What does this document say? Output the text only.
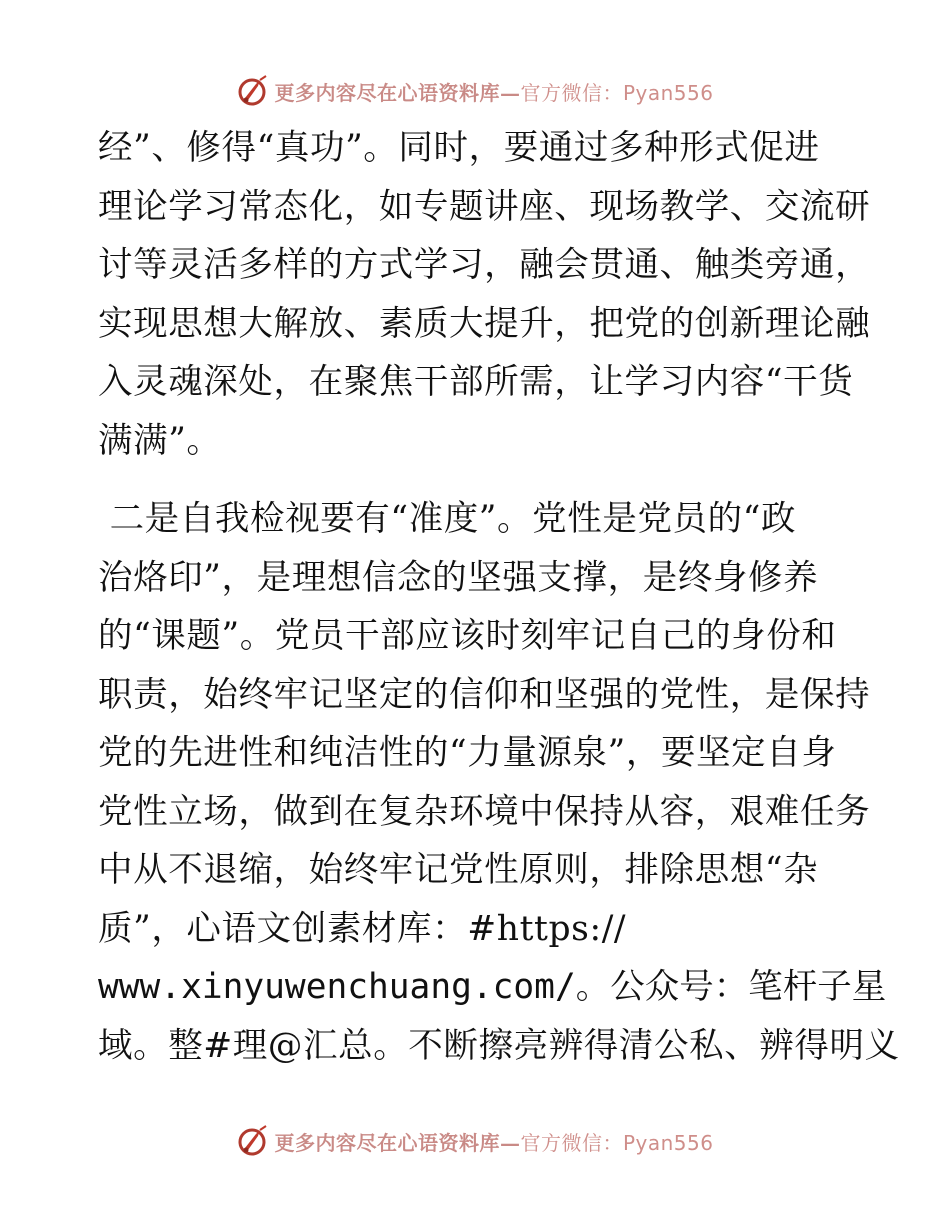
更多内容尽在心语资料库— 官方微信：Pyan556
经”、修得“真功”。同时，要通过多种形式促进
理论学习常态化，如专题讲座、现场教学、交流研
讨等灵活多样的方式学习，融会贯通、触类旁通，
实现思想大解放、素质大提升，把党的创新理论融
入灵魂深处，在聚焦干部所需，让学习内容“干货
满满”。
二是自我检视要有“准度”。党性是党员的“政
治烙印”，是理想信念的坚强支撑，是终身修养
的“课题”。党员干部应该时刻牢记自己的身份和
职责，始终牢记坚定的信仰和坚强的党性，是保持
党的先进性和纯洁性的“力量源泉”，要坚定自身
党性立场，做到在复杂环境中保持从容，艰难任务
中从不退缩，始终牢记党性原则，排除思想“杂
质”，心语文创素材库：#https://
www.xinyuwenchuang.com/。公众号：笔杆子星
域。整#理@汇总。不断擦亮辨得清公私、辨得明义
更多内容尽在心语资料库— 官方微信：Pyan556
